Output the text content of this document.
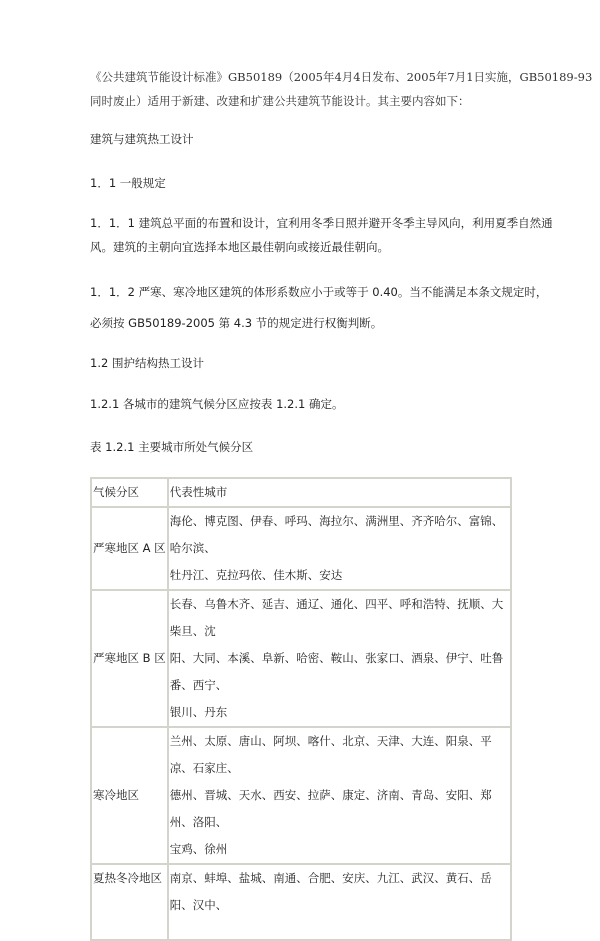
《公共建筑节能设计标准》GB50189（2005年4月4日发布、2005年7月1日实施，GB50189-93
同时废止）适用于新建、改建和扩建公共建筑节能设计。其主要内容如下：
建筑与建筑热工设计
1．1 一般规定
1．1．1 建筑总平面的布置和设计，宜利用冬季日照并避开冬季主导风向，利用夏季自然通
风。建筑的主朝向宜选择本地区最佳朝向或接近最佳朝向。
1．1．2 严寒、寒冷地区建筑的体形系数应小于或等于 0.40。当不能满足本条文规定时，
必须按 GB50189-2005 第 4.3 节的规定进行权衡判断。
1.2 围护结构热工设计
1.2.1 各城市的建筑气候分区应按表 1.2.1 确定。
表 1.2.1 主要城市所处气候分区
气候分区	代表性城市
严寒地区 A 区	海伦、博克图、伊春、呼玛、海拉尔、满洲里、齐齐哈尔、富锦、哈尔滨、
牡丹江、克拉玛依、佳木斯、安达

严寒地区 B 区	长春、乌鲁木齐、延吉、通辽、通化、四平、呼和浩特、抚顺、大柴旦、沈
阳、大同、本溪、阜新、哈密、鞍山、张家口、酒泉、伊宁、吐鲁番、西宁、
银川、丹东

寒冷地区	兰州、太原、唐山、阿坝、喀什、北京、天津、大连、阳泉、平凉、石家庄、
德州、晋城、天水、西安、拉萨、康定、济南、青岛、安阳、郑州、洛阳、
宝鸡、徐州

夏热冬冷地区	南京、蚌埠、盐城、南通、合肥、安庆、九江、武汉、黄石、岳阳、汉中、
